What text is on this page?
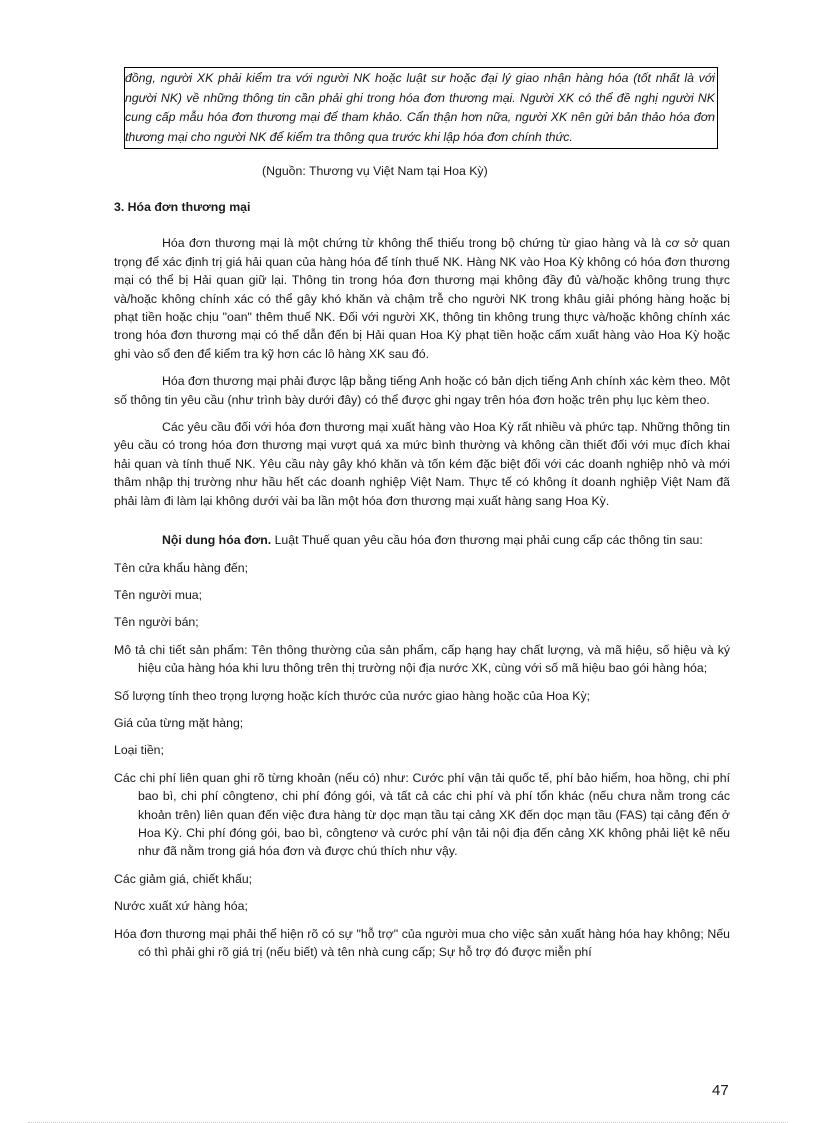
đồng, người XK phải kiểm tra với người NK hoặc luật sư hoặc đại lý giao nhận hàng hóa (tốt nhất là với người NK) về những thông tin cần phải ghi trong hóa đơn thương mại. Người XK có thể đề nghị người NK cung cấp mẫu hóa đơn thương mại để tham khảo. Cẩn thận hơn nữa, người XK nên gửi bản thảo hóa đơn thương mại cho người NK để kiểm tra thông qua trước khi lập hóa đơn chính thức.

(Nguồn: Thương vụ Việt Nam tại Hoa Kỳ)
3. Hóa đơn thương mại

Hóa đơn thương mại là một chứng từ không thể thiếu trong bộ chứng từ giao hàng và là cơ sở quan trọng để xác định trị giá hải quan của hàng hóa để tính thuế NK. Hàng NK vào Hoa Kỳ không có hóa đơn thương mại có thể bị Hải quan giữ lại. Thông tin trong hóa đơn thương mại không đầy đủ và/hoặc không trung thực và/hoặc không chính xác có thể gây khó khăn và chậm trễ cho người NK trong khâu giải phóng hàng hoặc bị phạt tiền hoặc chịu "oan" thêm thuế NK. Đối với người XK, thông tin không trung thực và/hoặc không chính xác trong hóa đơn thương mại có thể dẫn đến bị Hải quan Hoa Kỳ phạt tiền hoặc cấm xuất hàng vào Hoa Kỳ hoặc ghi vào sổ đen để kiểm tra kỹ hơn các lô hàng XK sau đó.

Hóa đơn thương mại phải được lập bằng tiếng Anh hoặc có bản dịch tiếng Anh chính xác kèm theo. Một số thông tin yêu cầu (như trình bày dưới đây) có thể được ghi ngay trên hóa đơn hoặc trên phụ lục kèm theo.

Các yêu cầu đối với hóa đơn thương mại xuất hàng vào Hoa Kỳ rất nhiều và phức tạp. Những thông tin yêu cầu có trong hóa đơn thương mại vượt quá xa mức bình thường và không cần thiết đối với mục đích khai hải quan và tính thuế NK. Yêu cầu này gây khó khăn và tốn kém đặc biệt đối với các doanh nghiệp nhỏ và mới thâm nhập thị trường như hầu hết các doanh nghiệp Việt Nam. Thực tế có không ít doanh nghiệp Việt Nam đã phải làm đi làm lại không dưới vài ba lần một hóa đơn thương mại xuất hàng sang Hoa Kỳ.

Nội dung hóa đơn. Luật Thuế quan yêu cầu hóa đơn thương mại phải cung cấp các thông tin sau:

Tên cửa khẩu hàng đến;
Tên người mua;
Tên người bán;
Mô tả chi tiết sản phẩm: Tên thông thường của sản phẩm, cấp hạng hay chất lượng, và mã hiệu, số hiệu và ký hiệu của hàng hóa khi lưu thông trên thị trường nội địa nước XK, cùng với số mã hiệu bao gói hàng hóa;
Số lượng tính theo trọng lượng hoặc kích thước của nước giao hàng hoặc của Hoa Kỳ;
Giá của từng mặt hàng;
Loại tiền;
Các chi phí liên quan ghi rõ từng khoản (nếu có) như: Cước phí vận tải quốc tế, phí bảo hiểm, hoa hồng, chi phí bao bì, chi phí côngtenơ, chi phí đóng gói, và tất cả các chi phí và phí tổn khác (nếu chưa nằm trong các khoản trên) liên quan đến việc đưa hàng từ dọc mạn tầu tại cảng XK đến dọc mạn tầu (FAS) tại cảng đến ở Hoa Kỳ. Chi phí đóng gói, bao bì, côngtenơ và cước phí vận tải nội địa đến cảng XK không phải liệt kê nếu như đã nằm trong giá hóa đơn và được chú thích như vậy.
Các giảm giá, chiết khấu;
Nước xuất xứ hàng hóa;
Hóa đơn thương mại phải thể hiện rõ có sự "hỗ trợ" của người mua cho việc sản xuất hàng hóa hay không; Nếu có thì phải ghi rõ giá trị (nếu biết) và tên nhà cung cấp; Sự hỗ trợ đó được miễn phí
47
